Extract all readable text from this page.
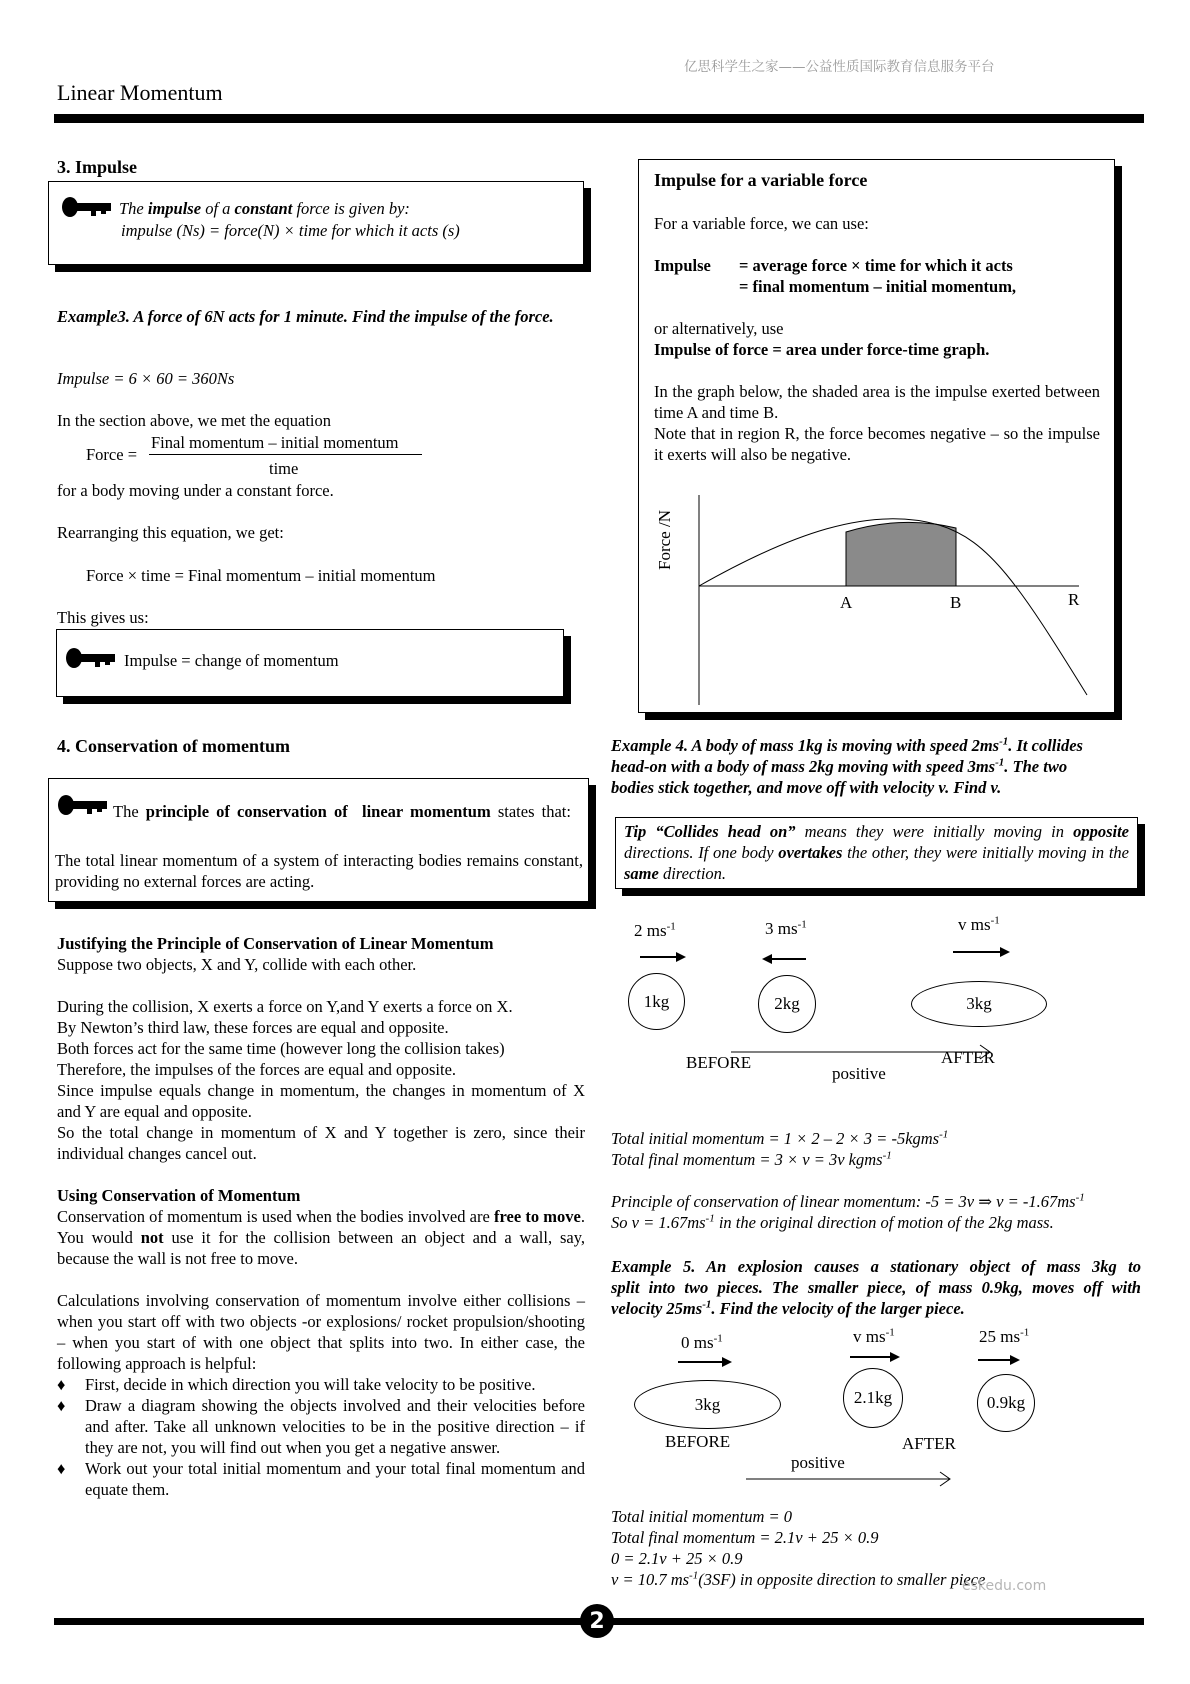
亿思科学生之家——公益性质国际教育信息服务平台
Linear Momentum
3. Impulse
The impulse of a constant force is given by:
impulse (Ns) = force(N) × time for which it acts (s)
Example3. A force of 6N acts for 1 minute. Find the impulse of the force.
Impulse = 6 × 60 = 360Ns
In the section above, we met the equation
Force =
Final momentum – initial momentum
time
for a body moving under a constant force.
Rearranging this equation, we get:
Force × time = Final momentum – initial momentum
This gives us:
Impulse = change of momentum
4. Conservation of momentum
The principle of conservation of linear momentum states that:
The total linear momentum of a system of interacting bodies remains constant, providing no external forces are acting.
Justifying the Principle of Conservation of Linear Momentum
Suppose two objects, X and Y, collide with each other.
During the collision, X exerts a force on Y,and Y exerts a force on X.
By Newton’s third law, these forces are equal and opposite.
Both forces act for the same time (however long the collision takes)
Therefore, the impulses of the forces are equal and opposite.
Since impulse equals change in momentum, the changes in momentum of X and Y are equal and opposite.
So the total change in momentum of X and Y together is zero, since their individual changes cancel out.
Using Conservation of Momentum
Conservation of momentum is used when the bodies involved are free to move. You would not use it for the collision between an object and a wall, say, because the wall is not free to move.
Calculations involving conservation of momentum involve either collisions – when you start off with two objects -or explosions/ rocket propulsion/shooting – when you start of with one object that splits into two. In either case, the following approach is helpful:
♦ First, decide in which direction you will take velocity to be positive.
♦ Draw a diagram showing the objects involved and their velocities before and after. Take all unknown velocities to be in the positive direction – if they are not, you will find out when you get a negative answer.
♦ Work out your total initial momentum and your total final momentum and equate them.
Impulse for a variable force
For a variable force, we can use:
Impulse = average force × time for which it acts
= final momentum – initial momentum,
or alternatively, use
Impulse of force = area under force-time graph.
In the graph below, the shaded area is the impulse exerted between time A and time B.
Note that in region R, the force becomes negative – so the impulse it exerts will also be negative.
Force /N
A	B	R
Example 4. A body of mass 1kg is moving with speed $2ms^{-1}$. It collides
head-on with a body of mass 2kg moving with speed $3ms^{-1}$. The two
bodies stick together, and move off with velocity v. Find v.
Tip “Collides head on” means they were initially moving in opposite directions. If one body overtakes the other, they were initially moving in the same direction.
2 $ms^{-1}$	3 $ms^{-1}$	v $ms^{-1}$
1kg	2kg	3kg
BEFORE	AFTER
positive
Total initial momentum = 1 × 2 – 2 × 3 = -5kgms$^{-1}$
Total final momentum = 3 × v = 3v kgms$^{-1}$
Principle of conservation of linear momentum: -5 = 3v ⇒ $v = -1.67ms^{-1}$
So $v = 1.67ms^{-1}$ in the original direction of motion of the 2kg mass.
Example 5. An explosion causes a stationary object of mass 3kg to
split into two pieces. The smaller piece, of mass 0.9kg, moves off with
velocity $25ms^{-1}$. Find the velocity of the larger piece.
0 $ms^{-1}$	v $ms^{-1}$	25 $ms^{-1}$
3kg	2.1kg	0.9kg
BEFORE	AFTER
positive
Total initial momentum = 0
Total final momentum = 2.1v + 25 × 0.9
0 = 2.1v + 25 × 0.9
v = 10.7 $ms^{-1}(3SF)$ in opposite direction to smaller piece
eskedu.com
2
